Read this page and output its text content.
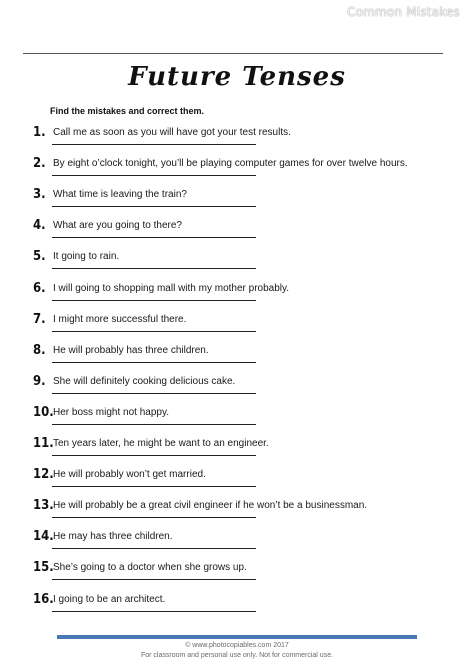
Common Mistakes
Future Tenses
Find the mistakes and correct them.
1. Call me as soon as you will have got your test results.
2. By eight o’clock tonight, you’ll be playing computer games for over twelve hours.
3. What time is leaving the train?
4. What are you going to there?
5. It going to rain.
6. I will going to shopping mall with my mother probably.
7. I might more successful there.
8. He will probably has three children.
9. She will definitely cooking delicious cake.
10. Her boss might not happy.
11. Ten years later, he might be want to an engineer.
12. He will probably won’t get married.
13. He will probably be a great civil engineer if he won’t be a businessman.
14. He may has three children.
15. She’s going to a doctor when she grows up.
16. I going to be an architect.
© www.photocopiables.com 2017
For classroom and personal use only. Not for commercial use.
